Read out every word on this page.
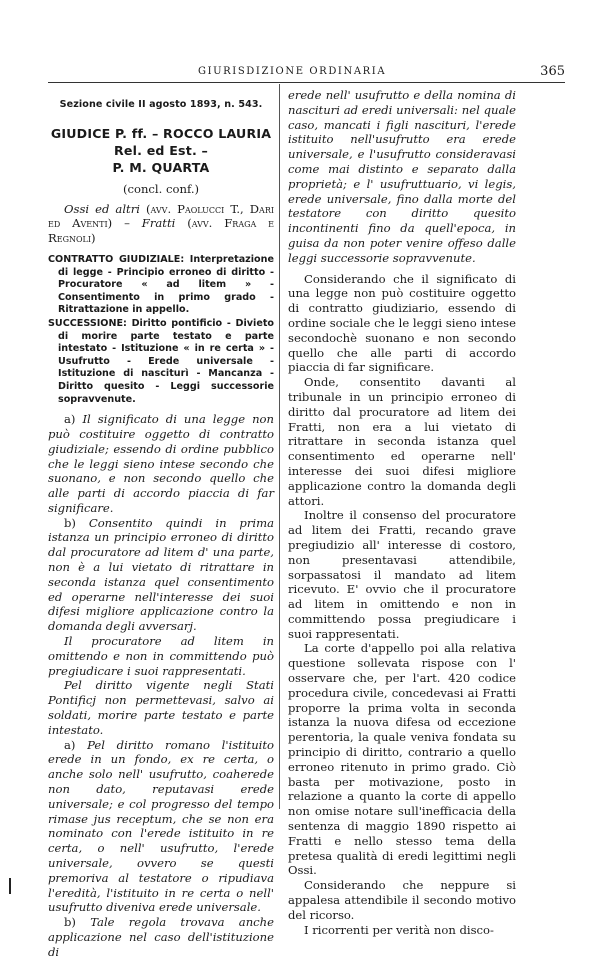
GIURISDIZIONE ORDINARIA	365
Sezione civile II agosto 1893, n. 543.
GIUDICE P. ff. – ROCCO LAURIA Rel. ed Est. –
P. M. QUARTA
(concl. conf.)

Ossi ed altri (avv. Paolucci T., Dari ed Aventi) – Fratti (avv. Fraga e Regnoli)

CONTRATTO GIUDIZIALE: Interpretazione di legge - Principio erroneo di diritto - Procuratore « ad litem » - Consentimento in primo grado - Ritrattazione in appello.

SUCCESSIONE: Diritto pontificio - Divieto di morire parte testato e parte intestato - Istituzione « in re certa » - Usufrutto - Erede universale - Istituzione di nasciturì - Mancanza - Diritto quesito - Leggi successorie sopravvenute.

a) Il significato di una legge non può costituire oggetto di contratto giudiziale; essendo di ordine pubblico che le leggi sieno intese secondo che suonano, e non secondo quello che alle parti di accordo piaccia di far significare.

b) Consentito quindi in prima istanza un principio erroneo di diritto dal procuratore ad litem d' una parte, non è a lui vietato di ritrattare in seconda istanza quel consentimento ed operarne nell'interesse dei suoi difesi migliore applicazione contro la domanda degli avversarj.

Il procuratore ad litem in omittendo e non in committendo può pregiudicare i suoi rappresentati.

Pel diritto vigente negli Stati Pontificj non permettevasi, salvo ai soldati, morire parte testato e parte intestato.

a) Pel diritto romano l'istituito erede in un fondo, ex re certa, o anche solo nell' usufrutto, coaherede non dato, reputavasi erede universale; e col progresso del tempo rimase jus receptum, che se non era nominato con l'erede istituito in re certa, o nell' usufrutto, l'erede universale, ovvero se questi premoriva al testatore o ripudiava l'eredità, l'istituito in re certa o nell' usufrutto diveniva erede universale.

b) Tale regola trovava anche applicazione nel caso dell'istituzione di

erede nell' usufrutto e della nomina di nascituri ad eredi universali: nel quale caso, mancati i figli nascituri, l'erede istituito nell'usufrutto era erede universale, e l'usufrutto consideravasi come mai distinto e separato dalla proprietà; e l' usufruttuario, vi legis, erede universale, fino dalla morte del testatore con diritto quesito incontinenti fino da quell'epoca, in guisa da non poter venire offeso dalle leggi successorie sopravvenute.

Considerando che il significato di una legge non può costituire oggetto di contratto giudiziario, essendo di ordine sociale che le leggi sieno intese secondochè suonano e non secondo quello che alle parti di accordo piaccia di far significare.

Onde, consentito davanti al tribunale in un principio erroneo di diritto dal procuratore ad litem dei Fratti, non era a lui vietato di ritrattare in seconda istanza quel consentimento ed operarne nell' interesse dei suoi difesi migliore applicazione contro la domanda degli attori.

Inoltre il consenso del procuratore ad litem dei Fratti, recando grave pregiudizio all' interesse di costoro, non presentavasi attendibile, sorpassatosi il mandato ad litem ricevuto. E' ovvio che il procuratore ad litem in omittendo e non in committendo possa pregiudicare i suoi rappresentati.

La corte d'appello poi alla relativa questione sollevata rispose con l' osservare che, per l'art. 420 codice procedura civile, concedevasi ai Fratti proporre la prima volta in seconda istanza la nuova difesa od eccezione perentoria, la quale veniva fondata su principio di diritto, contrario a quello erroneo ritenuto in primo grado. Ciò basta per motivazione, posto in relazione a quanto la corte di appello non omise notare sull'inefficacia della sentenza di maggio 1890 rispetto ai Fratti e nello stesso tema della pretesa qualità di eredi legittimi negli Ossi.

Considerando che neppure si appalesa attendibile il secondo motivo del ricorso.

I ricorrenti per verità non disco-
